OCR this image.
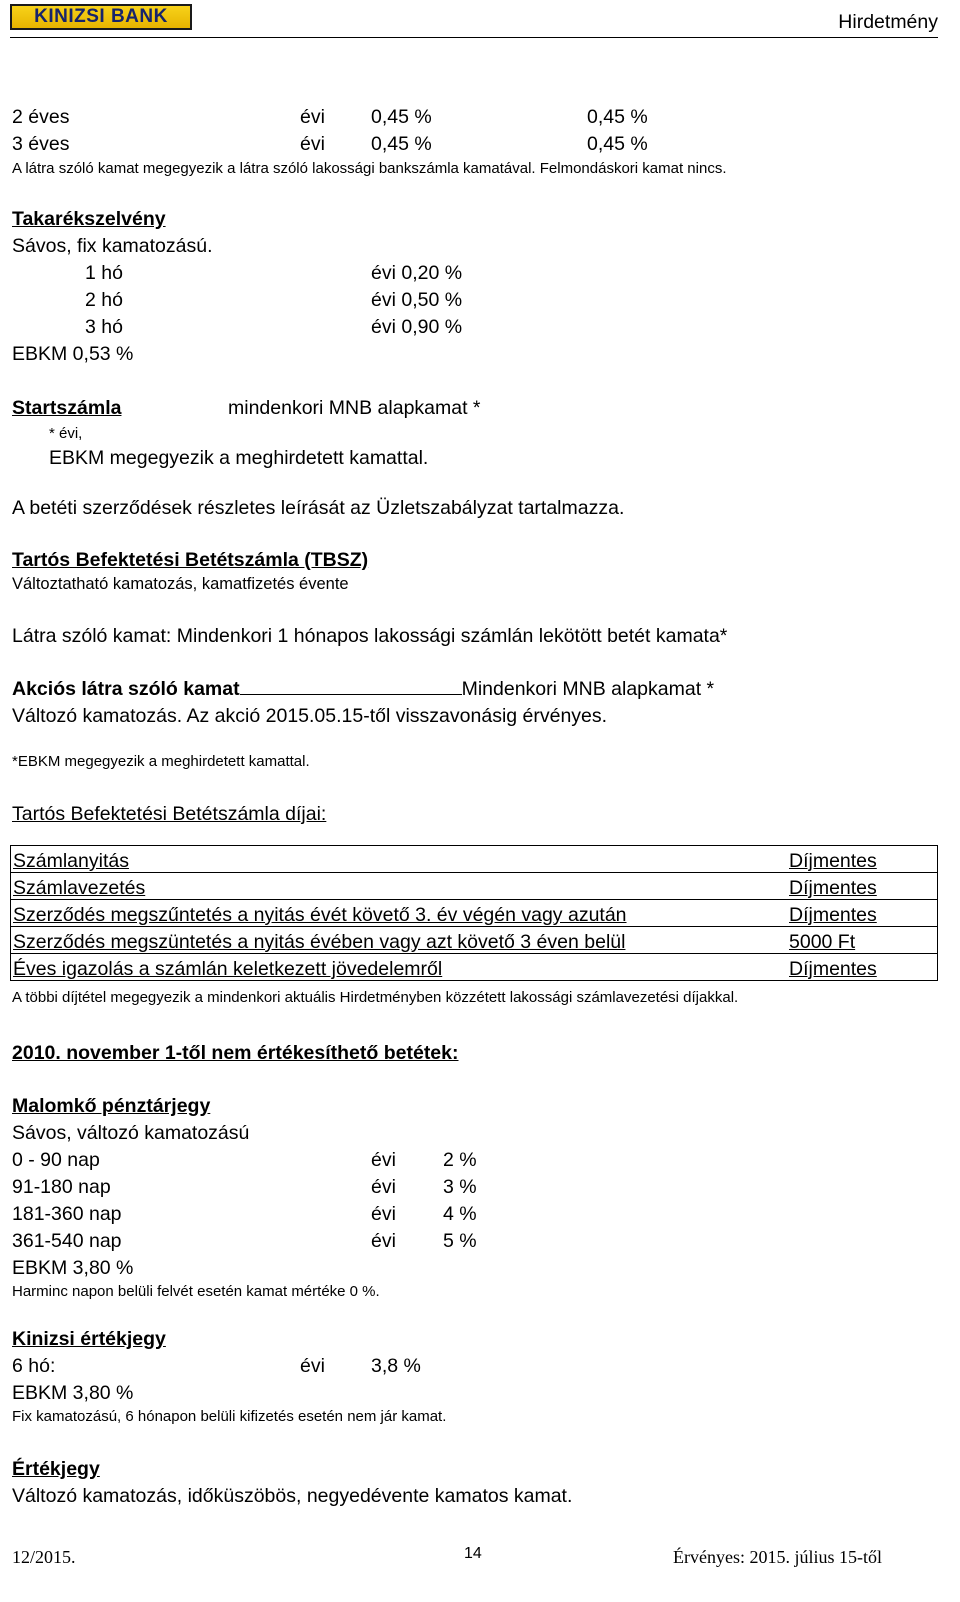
KINIZSI BANK	Hirdetmény
2 éves	évi 0,45 %	0,45 %
3 éves	évi 0,45 %	0,45 %
A látra szóló kamat megegyezik a látra szóló lakossági bankszámla kamatával. Felmondáskori kamat nincs.
Takarékszelvény
Sávos, fix kamatozású.
1 hó	évi 0,20 %
2 hó	évi 0,50 %
3 hó	évi 0,90 %
EBKM 0,53 %
Startszámla	mindenkori MNB alapkamat *
* évi,
EBKM megegyezik a meghirdetett kamattal.
A betéti szerződések részletes leírását az Üzletszabályzat tartalmazza.
Tartós Befektetési Betétszámla (TBSZ)
Változtatható kamatozás, kamatfizetés évente
Látra szóló kamat: Mindenkori 1 hónapos lakossági számlán lekötött betét kamata*
Akciós látra szóló kamat	Mindenkori MNB alapkamat *
Változó kamatozás. Az akció 2015.05.15-től visszavonásig érvényes.
*EBKM megegyezik a meghirdetett kamattal.
Tartós Befektetési Betétszámla díjai:
Számlanyitás	Díjmentes
Számlavezetés	Díjmentes
Szerződés megszűntetés a nyitás évét követő 3. év végén vagy azután	Díjmentes
Szerződés megszüntetés a nyitás évében vagy azt követő 3 éven belül	5000 Ft
Éves igazolás a számlán keletkezett jövedelemről	Díjmentes
A többi díjtétel megegyezik a mindenkori aktuális Hirdetményben közzétett lakossági számlavezetési díjakkal.
2010. november 1-től nem értékesíthető betétek:
Malomkő pénztárjegy
Sávos, változó kamatozású
0 - 90 nap	évi 2 %
91-180 nap	évi 3 %
181-360 nap	évi 4 %
361-540 nap	évi 5 %
EBKM 3,80 %
Harminc napon belüli felvét esetén kamat mértéke 0 %.
Kinizsi értékjegy
6 hó:	évi 3,8 %
EBKM 3,80 %
Fix kamatozású, 6 hónapon belüli kifizetés esetén nem jár kamat.
Értékjegy
Változó kamatozás, időküszöbös, negyedévente kamatos kamat.
12/2015.	14	Érvényes: 2015. július 15-től
